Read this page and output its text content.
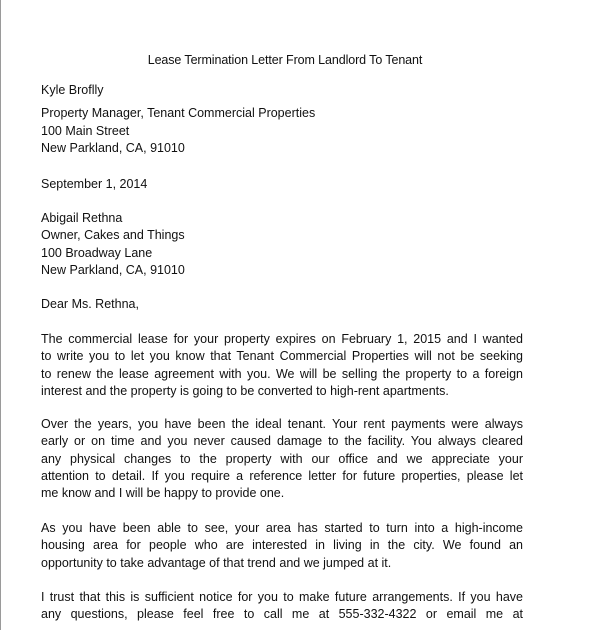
Lease Termination Letter From Landlord To Tenant
Kyle Broflly
Property Manager, Tenant Commercial Properties
100 Main Street
New Parkland, CA, 91010
September 1, 2014
Abigail Rethna
Owner, Cakes and Things
100 Broadway Lane
New Parkland, CA, 91010
Dear Ms. Rethna,
The commercial lease for your property expires on February 1, 2015 and I wanted
to write you to let you know that Tenant Commercial Properties will not be seeking
to renew the lease agreement with you. We will be selling the property to a foreign
interest and the property is going to be converted to high-rent apartments.
Over the years, you have been the ideal tenant. Your rent payments were always
early or on time and you never caused damage to the facility. You always cleared
any physical changes to the property with our office and we appreciate your
attention to detail. If you require a reference letter for future properties, please let
me know and I will be happy to provide one.
As you have been able to see, your area has started to turn into a high-income
housing area for people who are interested in living in the city. We found an
opportunity to take advantage of that trend and we jumped at it.
I trust that this is sufficient notice for you to make future arrangements. If you have
any questions, please feel free to call me at 555-332-4322 or email me at
